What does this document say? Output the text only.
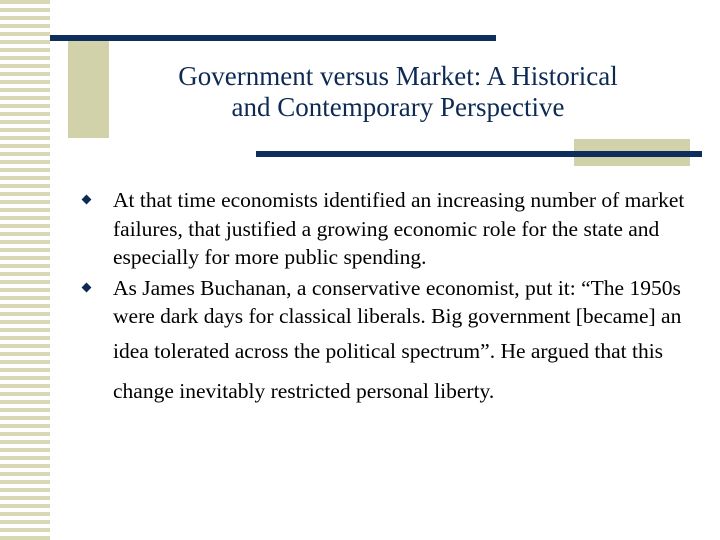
Government versus Market: A Historical
and Contemporary Perspective
At that time economists identified an increasing number of market failures, that justified a growing economic role for the state and especially for more public spending.
As James Buchanan, a conservative economist, put it: “The 1950s were dark days for classical liberals. Big government [became] an idea tolerated across the political spectrum”. He argued that this change inevitably restricted personal liberty.
